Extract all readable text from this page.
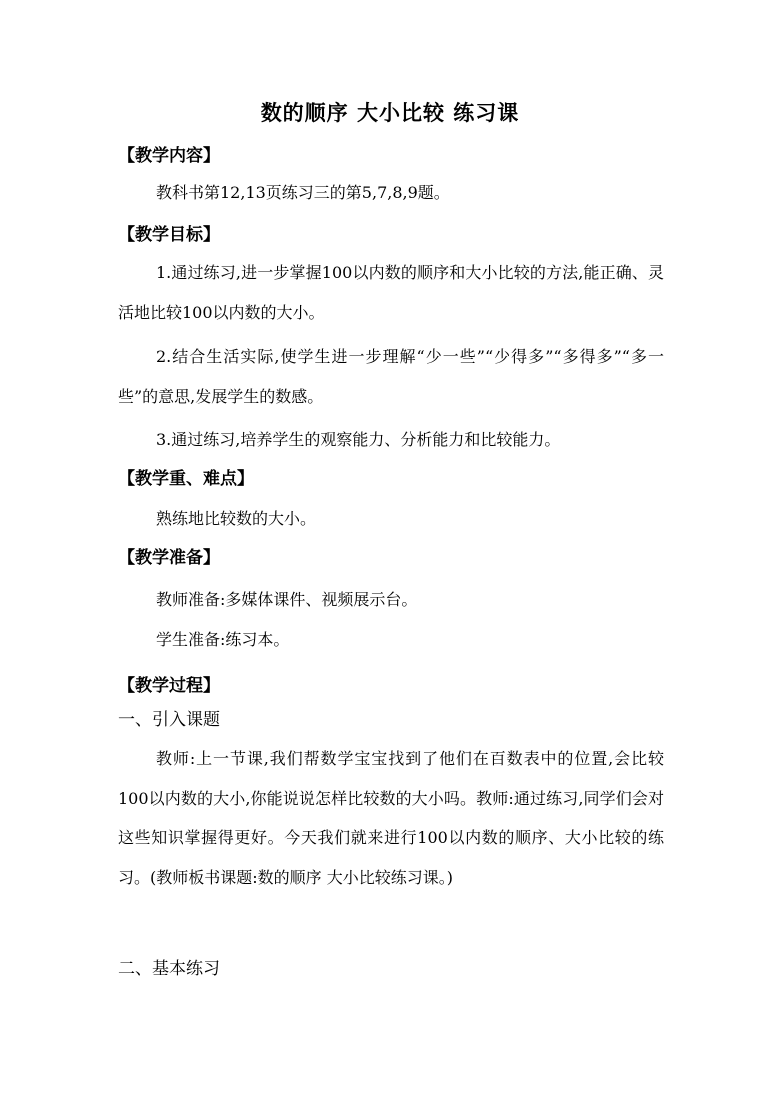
数的顺序 大小比较 练习课
【教学内容】
教科书第12,13页练习三的第5,7,8,9题。
【教学目标】
1.通过练习,进一步掌握100以内数的顺序和大小比较的方法,能正确、灵活地比较100以内数的大小。
2.结合生活实际,使学生进一步理解“少一些”“少得多”“多得多”“多一些”的意思,发展学生的数感。
3.通过练习,培养学生的观察能力、分析能力和比较能力。
【教学重、难点】
熟练地比较数的大小。
【教学准备】
教师准备:多媒体课件、视频展示台。
学生准备:练习本。
【教学过程】
一、引入课题
教师:上一节课,我们帮数学宝宝找到了他们在百数表中的位置,会比较100以内数的大小,你能说说怎样比较数的大小吗。教师:通过练习,同学们会对这些知识掌握得更好。今天我们就来进行100以内数的顺序、大小比较的练习。(教师板书课题:数的顺序 大小比较练习课。)
二、基本练习
